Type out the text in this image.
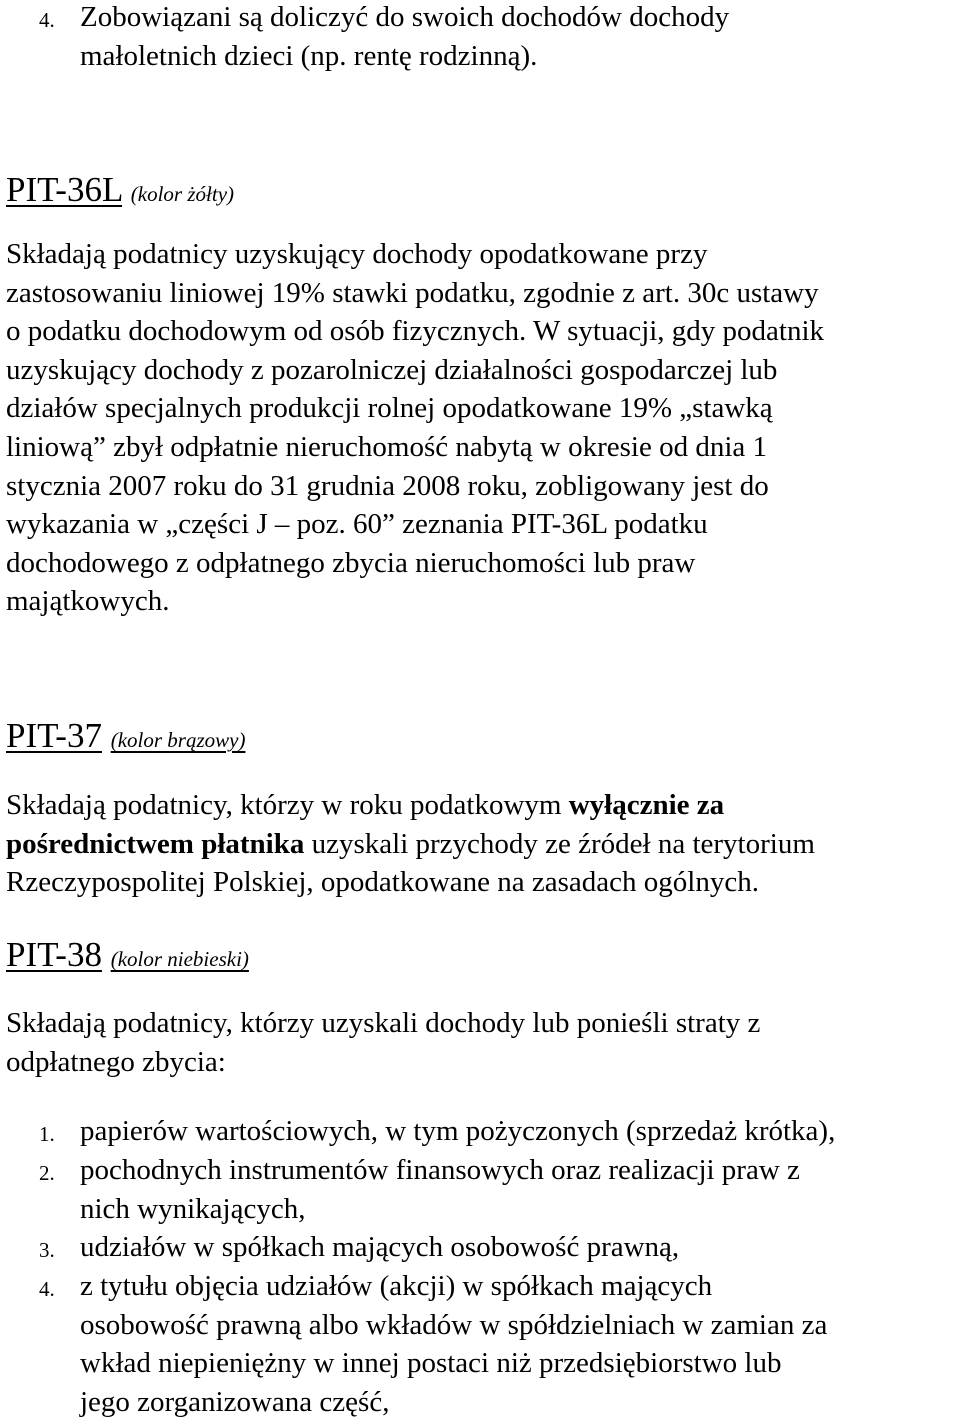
4. Zobowiązani są doliczyć do swoich dochodów dochody
małoletnich dzieci (np. rentę rodzinną).
PIT-36L (kolor żółty)
Składają podatnicy uzyskujący dochody opodatkowane przy
zastosowaniu liniowej 19% stawki podatku, zgodnie z art. 30c ustawy
o podatku dochodowym od osób fizycznych. W sytuacji, gdy podatnik
uzyskujący dochody z pozarolniczej działalności gospodarczej lub
działów specjalnych produkcji rolnej opodatkowane 19% „stawką
liniową” zbył odpłatnie nieruchomość nabytą w okresie od dnia 1
stycznia 2007 roku do 31 grudnia 2008 roku, zobligowany jest do
wykazania w „części J – poz. 60” zeznania PIT-36L podatku
dochodowego z odpłatnego zbycia nieruchomości lub praw
majątkowych.
PIT-37 (kolor brązowy)
Składają podatnicy, którzy w roku podatkowym wyłącznie za
pośrednictwem płatnika uzyskali przychody ze źródeł na terytorium
Rzeczypospolitej Polskiej, opodatkowane na zasadach ogólnych.
PIT-38 (kolor niebieski)
Składają podatnicy, którzy uzyskali dochody lub ponieśli straty z
odpłatnego zbycia:
1. papierów wartościowych, w tym pożyczonych (sprzedaż krótka),
2. pochodnych instrumentów finansowych oraz realizacji praw z
nich wynikających,
3. udziałów w spółkach mających osobowość prawną,
4. z tytułu objęcia udziałów (akcji) w spółkach mających
osobowość prawną albo wkładów w spółdzielniach w zamian za
wkład niepieniężny w innej postaci niż przedsiębiorstwo lub
jego zorganizowana część,
